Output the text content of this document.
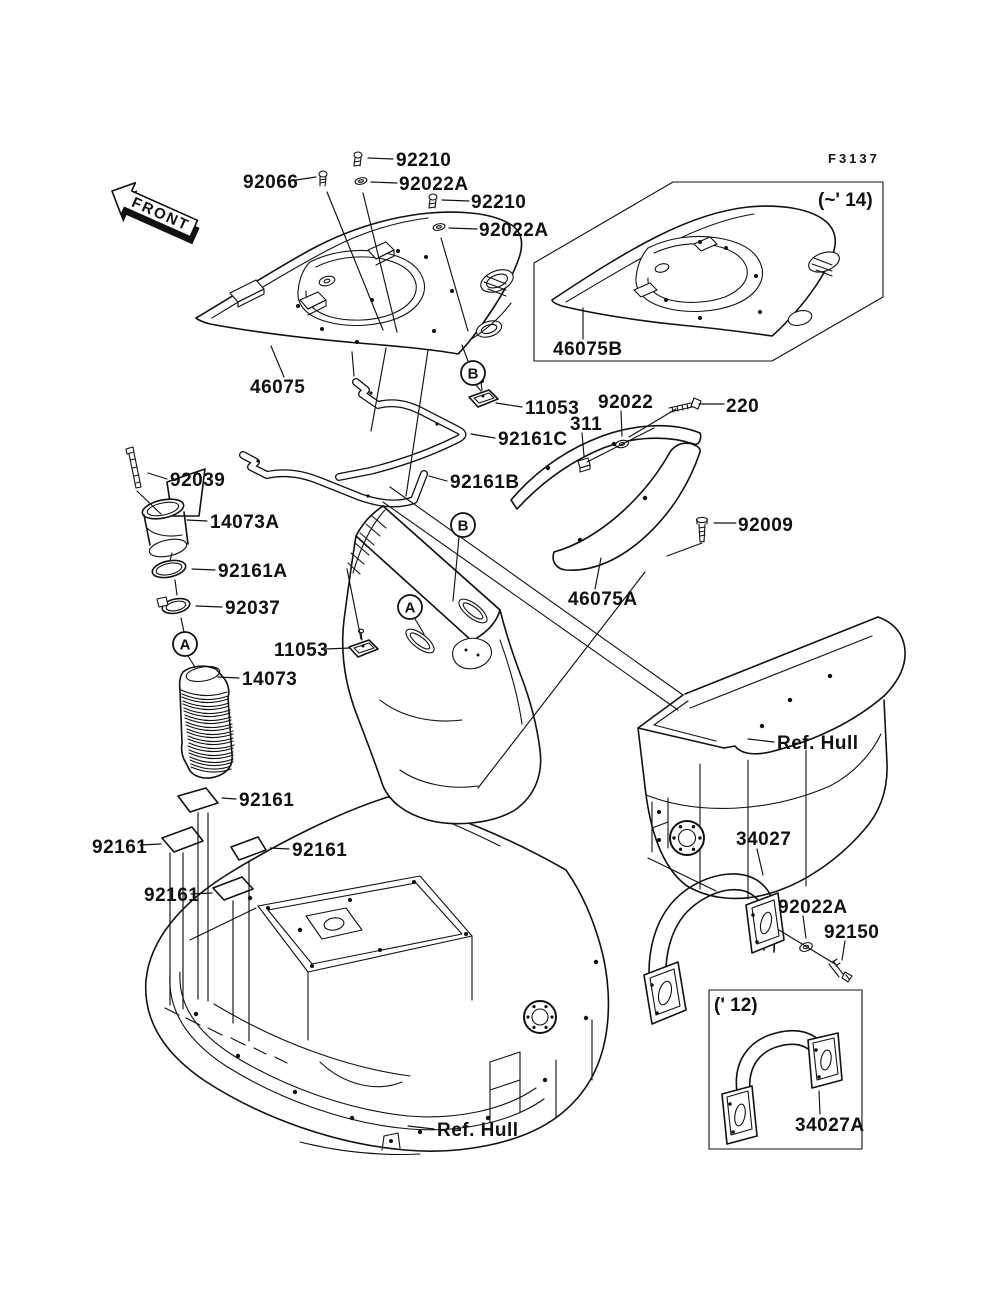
FRONT
B
B
A
A
92210
92066	92022A
92210
92022A
F3137
(~' 14)
46075B
46075
11053
92161C
92022
311
220
92161B
92009
46075A
92039
14073A
92161A
92037
14073
11053
Ref. Hull
92161
92161	92161
92161
34027
92022A
92150
(' 12)
34027A
Ref. Hull
